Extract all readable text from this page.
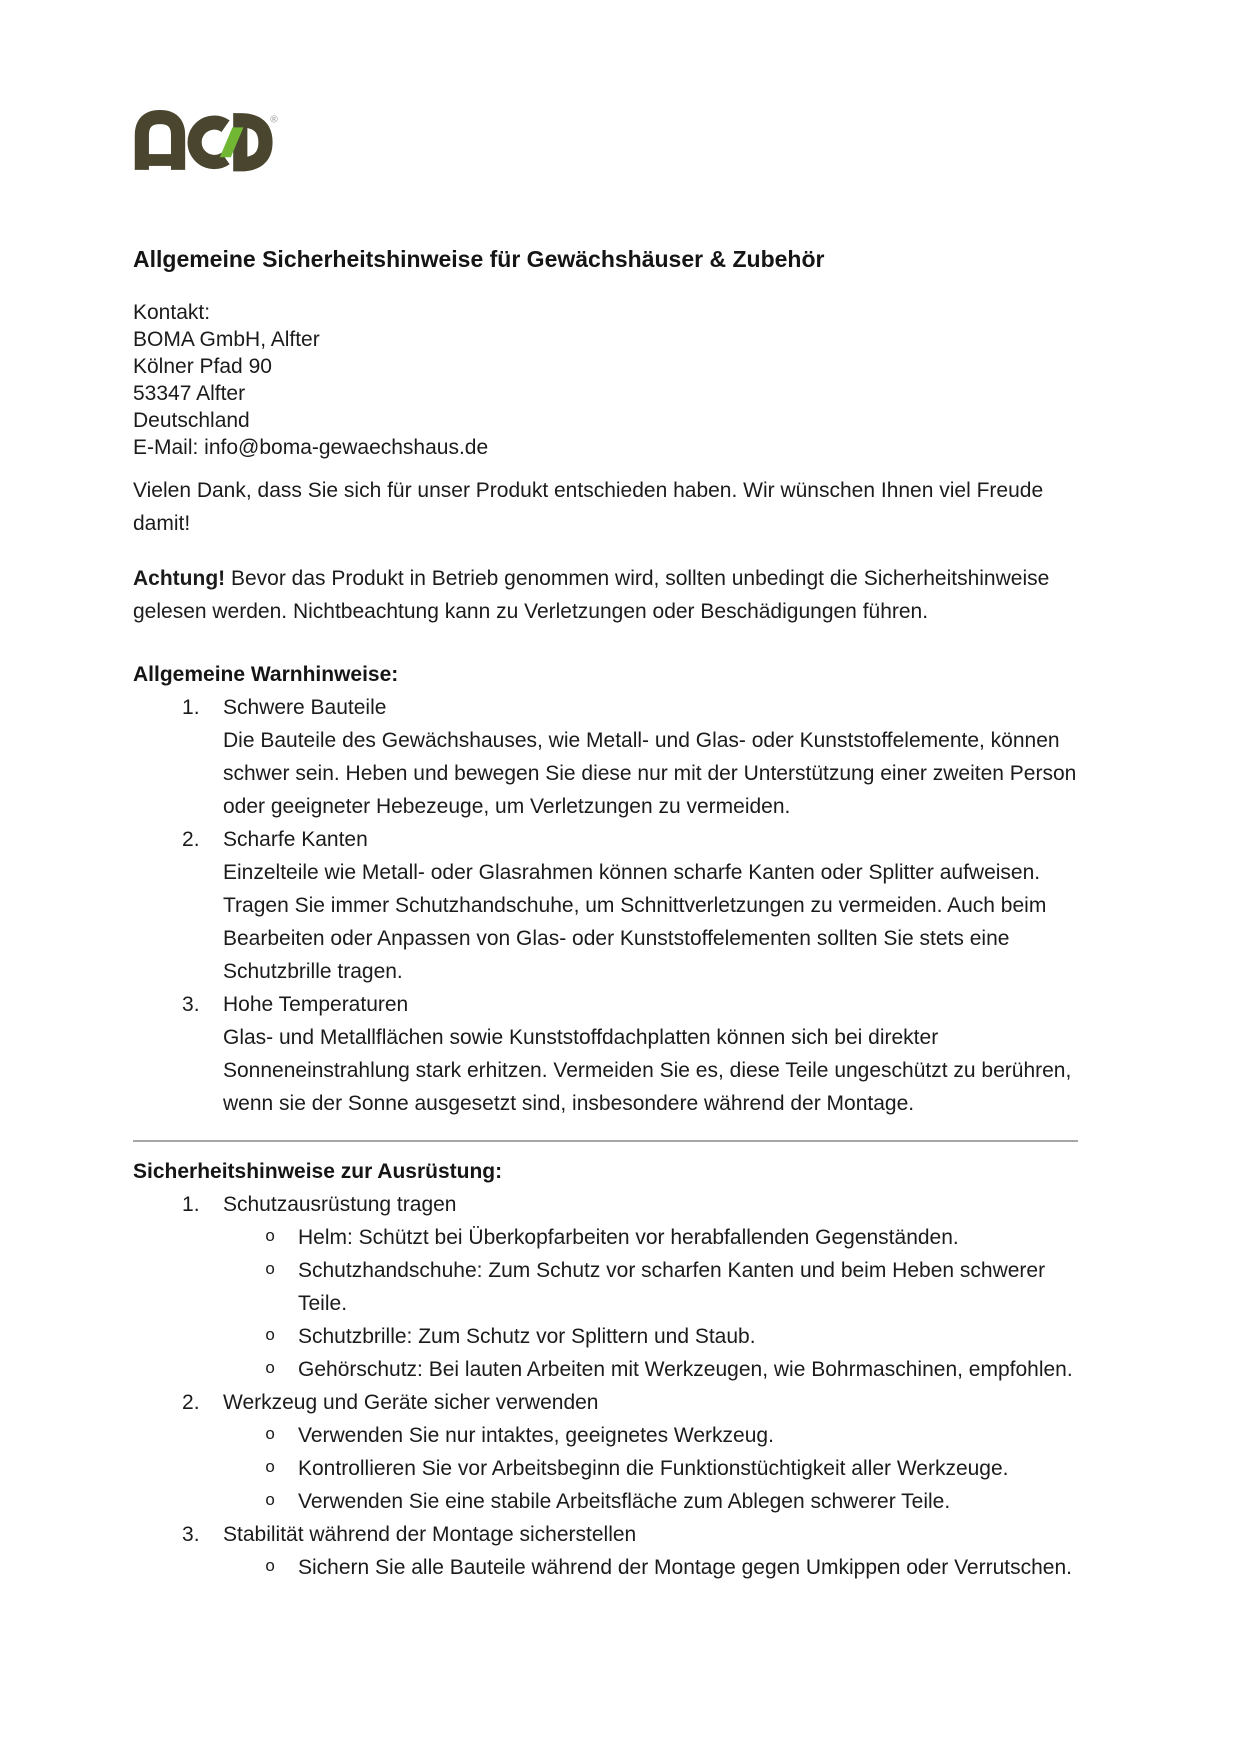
®
Allgemeine Sicherheitshinweise für Gewächshäuser & Zubehör
Kontakt:
BOMA GmbH, Alfter
Kölner Pfad 90
53347 Alfter
Deutschland
E-Mail: info@boma-gewaechshaus.de

Vielen Dank, dass Sie sich für unser Produkt entschieden haben. Wir wünschen Ihnen viel Freude damit!

Achtung! Bevor das Produkt in Betrieb genommen wird, sollten unbedingt die Sicherheitshinweise gelesen werden. Nichtbeachtung kann zu Verletzungen oder Beschädigungen führen.

Allgemeine Warnhinweise:
Schwere Bauteile
Die Bauteile des Gewächshauses, wie Metall- und Glas- oder Kunststoffelemente, können schwer sein. Heben und bewegen Sie diese nur mit der Unterstützung einer zweiten Person oder geeigneter Hebezeuge, um Verletzungen zu vermeiden.
Scharfe Kanten
Einzelteile wie Metall- oder Glasrahmen können scharfe Kanten oder Splitter aufweisen. Tragen Sie immer Schutzhandschuhe, um Schnittverletzungen zu vermeiden. Auch beim Bearbeiten oder Anpassen von Glas- oder Kunststoffelementen sollten Sie stets eine Schutzbrille tragen.
Hohe Temperaturen
Glas- und Metallflächen sowie Kunststoffdachplatten können sich bei direkter Sonneneinstrahlung stark erhitzen. Vermeiden Sie es, diese Teile ungeschützt zu berühren, wenn sie der Sonne ausgesetzt sind, insbesondere während der Montage.
Sicherheitshinweise zur Ausrüstung:
Schutzausrüstung tragen
o Helm: Schützt bei Überkopfarbeiten vor herabfallenden Gegenständen.
o Schutzhandschuhe: Zum Schutz vor scharfen Kanten und beim Heben schwerer Teile.
o Schutzbrille: Zum Schutz vor Splittern und Staub.
o Gehörschutz: Bei lauten Arbeiten mit Werkzeugen, wie Bohrmaschinen, empfohlen.
Werkzeug und Geräte sicher verwenden
o Verwenden Sie nur intaktes, geeignetes Werkzeug.
o Kontrollieren Sie vor Arbeitsbeginn die Funktionstüchtigkeit aller Werkzeuge.
o Verwenden Sie eine stabile Arbeitsfläche zum Ablegen schwerer Teile.
Stabilität während der Montage sicherstellen
o Sichern Sie alle Bauteile während der Montage gegen Umkippen oder Verrutschen.
